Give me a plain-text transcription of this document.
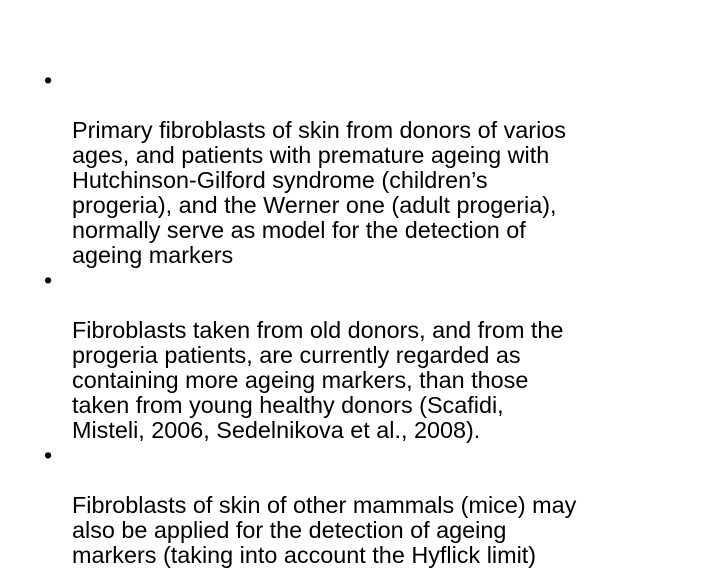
•

Primary fibroblasts of skin from donors of varios
ages, and patients with premature ageing with
Hutchinson-Gilford syndrome (children’s
progeria), and the Werner one (adult progeria),
normally serve as model for the detection of
ageing markers

•

Fibroblasts taken from old donors, and from the
progeria patients, are currently regarded as
containing more ageing markers, than those
taken from young healthy donors (Scafidi,
Misteli, 2006, Sedelnikova et al., 2008).

•

Fibroblasts of skin of other mammals (mice) may
also be applied for the detection of ageing
markers (taking into account the Hyflick limit)
